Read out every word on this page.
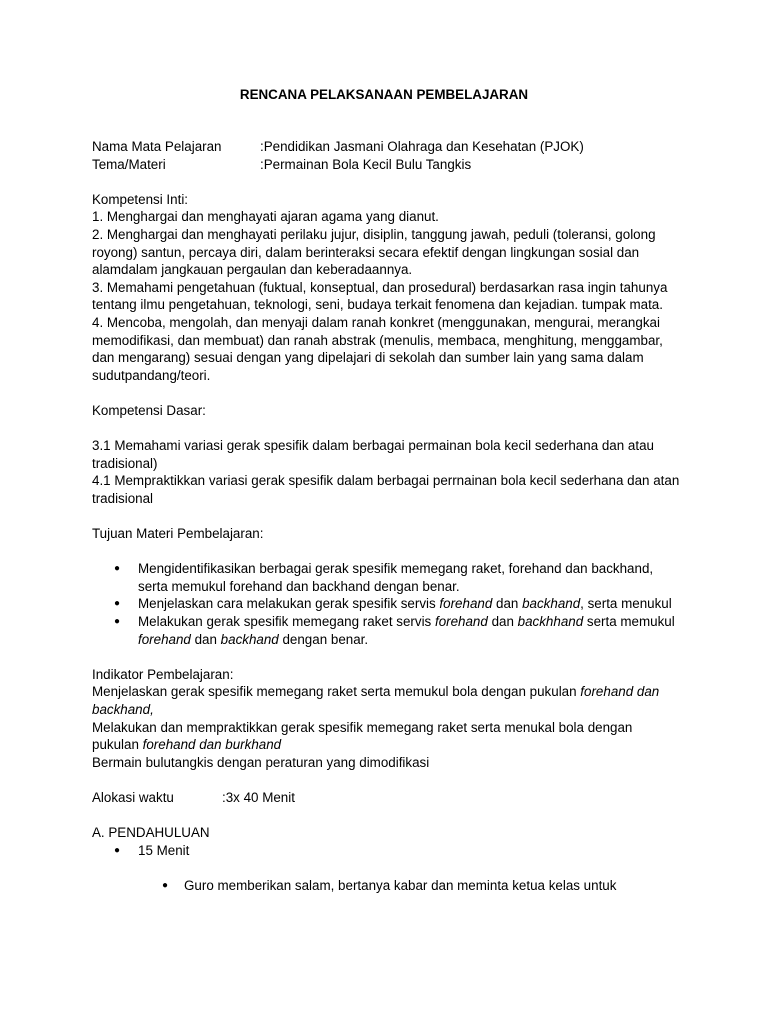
RENCANA PELAKSANAAN PEMBELAJARAN
Nama Mata Pelajaran	:Pendidikan Jasmani Olahraga dan Kesehatan (PJOK)
Tema/Materi	:Permainan Bola Kecil Bulu Tangkis

Kompetensi Inti:

1. Menghargai dan menghayati ajaran agama yang dianut.

2. Menghargai dan menghayati perilaku jujur, disiplin, tanggung jawah, peduli (toleransi, golong royong) santun, percaya diri, dalam berinteraksi secara efektif dengan lingkungan sosial dan alamdalam jangkauan pergaulan dan keberadaannya.

3. Memahami pengetahuan (fuktual, konseptual, dan prosedural) berdasarkan rasa ingin tahunya tentang ilmu pengetahuan, teknologi, seni, budaya terkait fenomena dan kejadian. tumpak mata.

4. Mencoba, mengolah, dan menyaji dalam ranah konkret (menggunakan, mengurai, merangkai memodifikasi, dan membuat) dan ranah abstrak (menulis, membaca, menghitung, menggambar, dan mengarang) sesuai dengan yang dipelajari di sekolah dan sumber lain yang sama dalam sudutpandang/teori.

Kompetensi Dasar:

3.1 Memahami variasi gerak spesifik dalam berbagai permainan bola kecil sederhana dan atau tradisional)

4.1 Mempraktikkan variasi gerak spesifik dalam berbagai perrnainan bola kecil sederhana dan atan tradisional

Tujuan Materi Pembelajaran:

● Mengidentifikasikan berbagai gerak spesifik memegang raket, forehand dan backhand, serta memukul forehand dan backhand dengan benar.
● Menjelaskan cara melakukan gerak spesifik servis forehand dan backhand, serta menukul
● Melakukan gerak spesifik memegang raket servis forehand dan backhhand serta memukul forehand dan backhand dengan benar.

Indikator Pembelajaran:

Menjelaskan gerak spesifik memegang raket serta memukul bola dengan pukulan forehand dan backhand,

Melakukan dan mempraktikkan gerak spesifik memegang raket serta menukal bola dengan pukulan forehand dan burkhand

Bermain bulutangkis dengan peraturan yang dimodifikasi

Alokasi waktu	:3x 40 Menit

A. PENDAHULUAN

● 15 Menit
● Guro memberikan salam, bertanya kabar dan meminta ketua kelas untuk
